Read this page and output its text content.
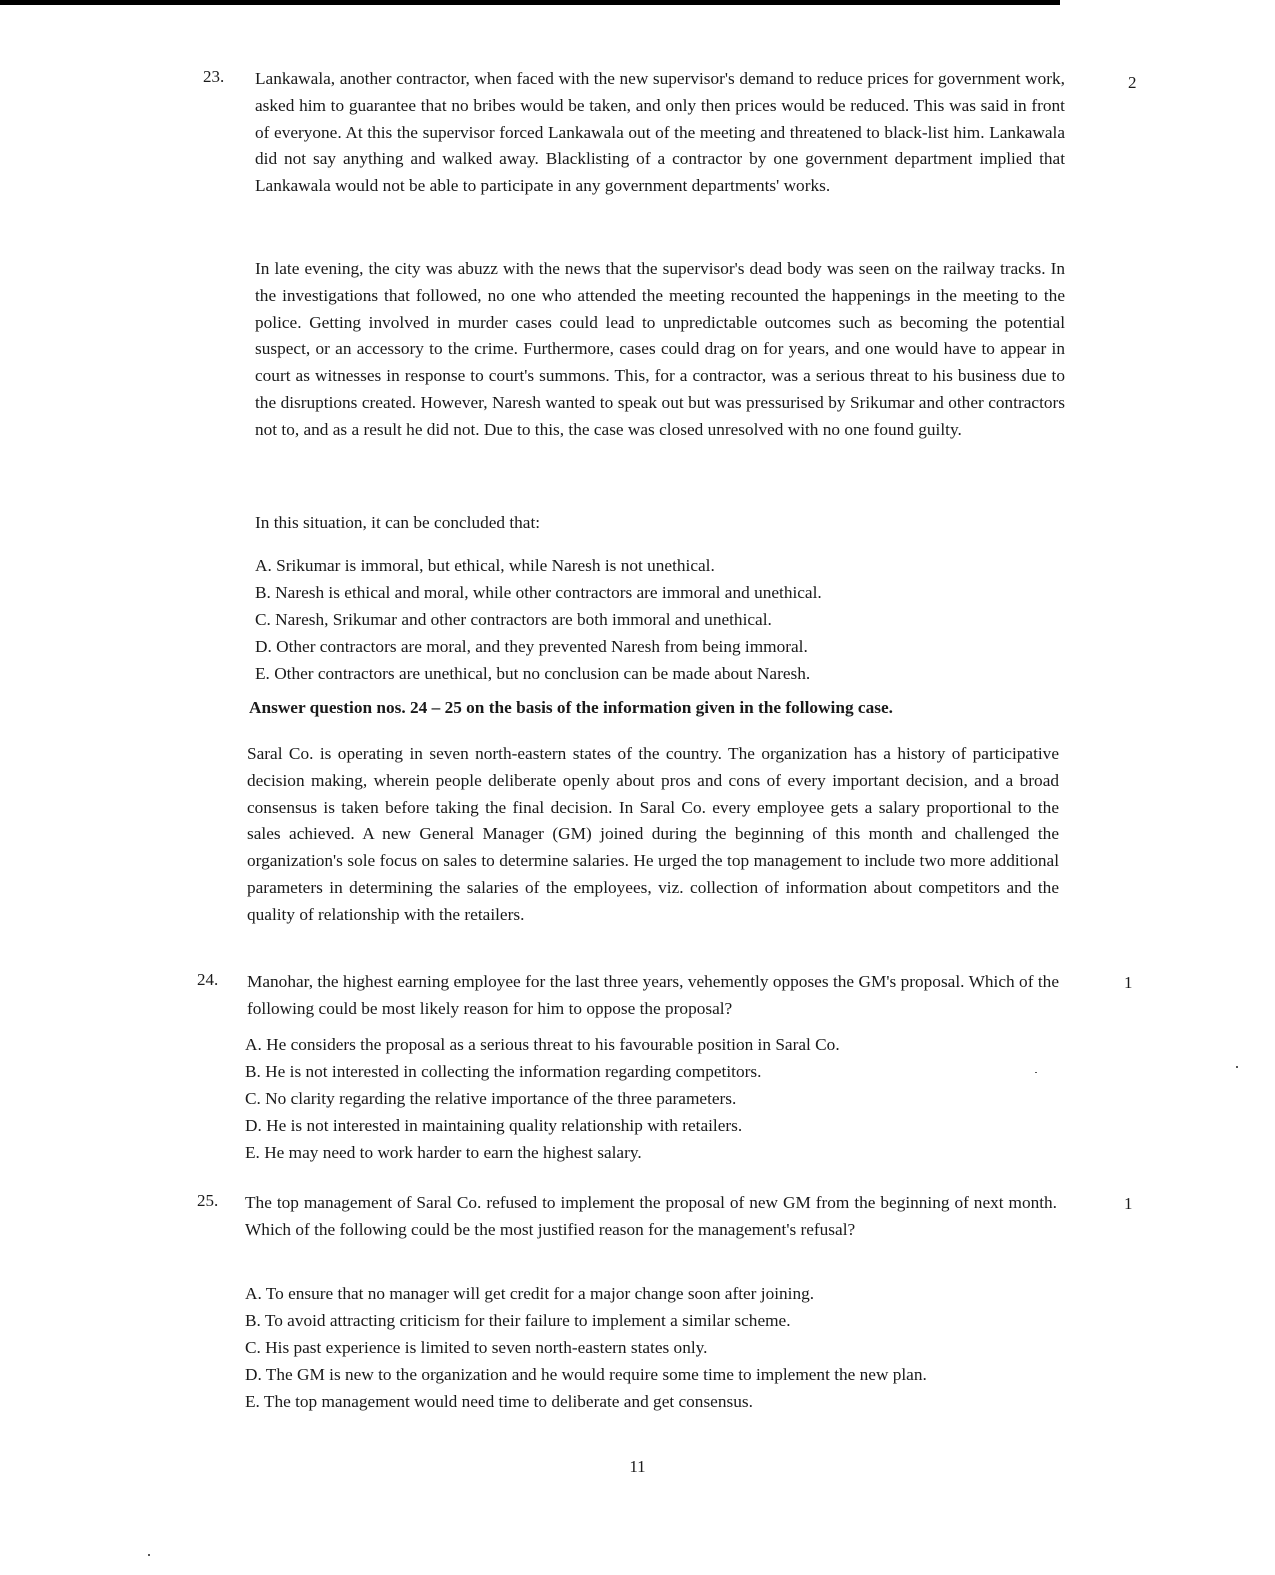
23.	2

Lankawala, another contractor, when faced with the new supervisor's demand to reduce prices for government work, asked him to guarantee that no bribes would be taken, and only then prices would be reduced. This was said in front of everyone. At this the supervisor forced Lankawala out of the meeting and threatened to black-list him. Lankawala did not say anything and walked away. Blacklisting of a contractor by one government department implied that Lankawala would not be able to participate in any government departments' works.

In late evening, the city was abuzz with the news that the supervisor's dead body was seen on the railway tracks. In the investigations that followed, no one who attended the meeting recounted the happenings in the meeting to the police. Getting involved in murder cases could lead to unpredictable outcomes such as becoming the potential suspect, or an accessory to the crime. Furthermore, cases could drag on for years, and one would have to appear in court as witnesses in response to court's summons. This, for a contractor, was a serious threat to his business due to the disruptions created. However, Naresh wanted to speak out but was pressurised by Srikumar and other contractors not to, and as a result he did not. Due to this, the case was closed unresolved with no one found guilty.

In this situation, it can be concluded that:

A. Srikumar is immoral, but ethical, while Naresh is not unethical.

B. Naresh is ethical and moral, while other contractors are immoral and unethical.

C. Naresh, Srikumar and other contractors are both immoral and unethical.

D. Other contractors are moral, and they prevented Naresh from being immoral.

E. Other contractors are unethical, but no conclusion can be made about Naresh.

Answer question nos. 24 – 25 on the basis of the information given in the following case.

Saral Co. is operating in seven north-eastern states of the country. The organization has a history of participative decision making, wherein people deliberate openly about pros and cons of every important decision, and a broad consensus is taken before taking the final decision. In Saral Co. every employee gets a salary proportional to the sales achieved. A new General Manager (GM) joined during the beginning of this month and challenged the organization's sole focus on sales to determine salaries. He urged the top management to include two more additional parameters in determining the salaries of the employees, viz. collection of information about competitors and the quality of relationship with the retailers.

24.	1

Manohar, the highest earning employee for the last three years, vehemently opposes the GM's proposal. Which of the following could be most likely reason for him to oppose the proposal?

A. He considers the proposal as a serious threat to his favourable position in Saral Co.

B. He is not interested in collecting the information regarding competitors.

C. No clarity regarding the relative importance of the three parameters.

D. He is not interested in maintaining quality relationship with retailers.

E. He may need to work harder to earn the highest salary.

25.	1

The top management of Saral Co. refused to implement the proposal of new GM from the beginning of next month. Which of the following could be the most justified reason for the management's refusal?

A. To ensure that no manager will get credit for a major change soon after joining.

B. To avoid attracting criticism for their failure to implement a similar scheme.

C. His past experience is limited to seven north-eastern states only.

D. The GM is new to the organization and he would require some time to implement the new plan.

E. The top management would need time to deliberate and get consensus.

11
